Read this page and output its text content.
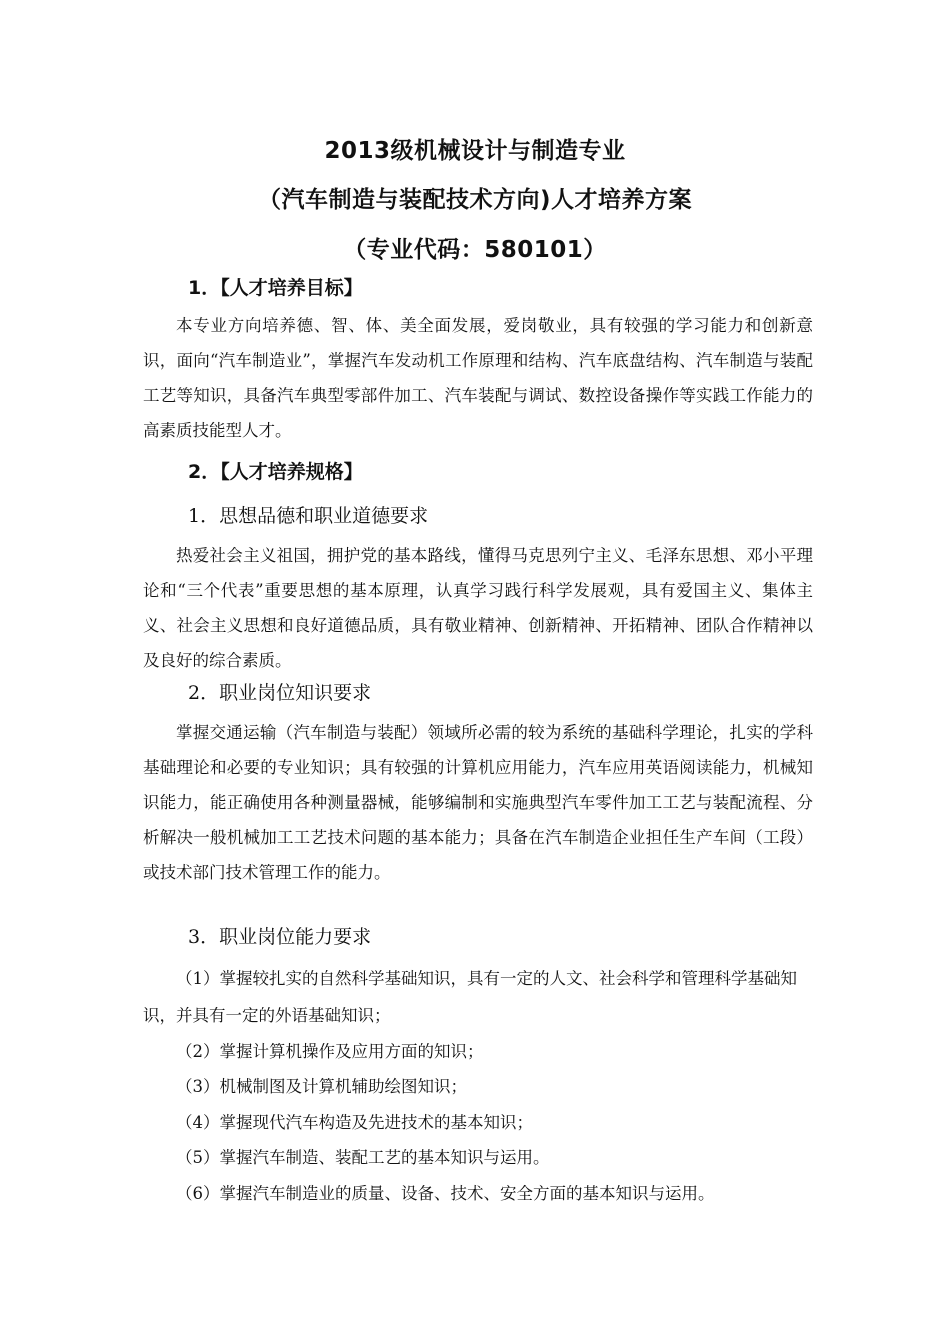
2013级机械设计与制造专业
（汽车制造与装配技术方向)人才培养方案
（专业代码：580101）
1．【人才培养目标】
本专业方向培养德、智、体、美全面发展，爱岗敬业，具有较强的学习能力和创新意识，面向“汽车制造业”，掌握汽车发动机工作原理和结构、汽车底盘结构、汽车制造与装配工艺等知识，具备汽车典型零部件加工、汽车装配与调试、数控设备操作等实践工作能力的高素质技能型人才。
2．【人才培养规格】
1．思想品德和职业道德要求
热爱社会主义祖国，拥护党的基本路线，懂得马克思列宁主义、毛泽东思想、邓小平理论和“三个代表”重要思想的基本原理，认真学习践行科学发展观，具有爱国主义、集体主义、社会主义思想和良好道德品质，具有敬业精神、创新精神、开拓精神、团队合作精神以及良好的综合素质。
2．职业岗位知识要求
掌握交通运输（汽车制造与装配）领域所必需的较为系统的基础科学理论，扎实的学科基础理论和必要的专业知识；具有较强的计算机应用能力，汽车应用英语阅读能力，机械知识能力，能正确使用各种测量器械，能够编制和实施典型汽车零件加工工艺与装配流程、分析解决一般机械加工工艺技术问题的基本能力；具备在汽车制造企业担任生产车间（工段）或技术部门技术管理工作的能力。
3．职业岗位能力要求
（1）掌握较扎实的自然科学基础知识，具有一定的人文、社会科学和管理科学基础知识，并具有一定的外语基础知识；
（2）掌握计算机操作及应用方面的知识；
（3）机械制图及计算机辅助绘图知识；
（4）掌握现代汽车构造及先进技术的基本知识；
（5）掌握汽车制造、装配工艺的基本知识与运用。
（6）掌握汽车制造业的质量、设备、技术、安全方面的基本知识与运用。
